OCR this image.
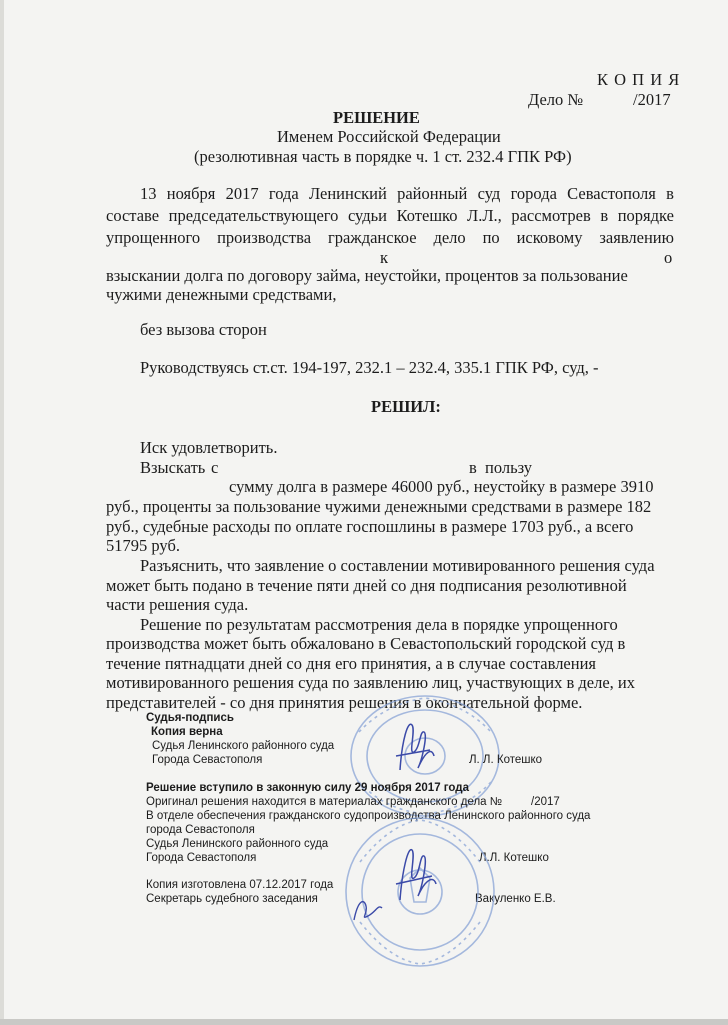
К О П И Я
Дело №	/2017
РЕШЕНИЕ
Именем Российской Федерации
(резолютивная часть в порядке ч. 1 ст. 232.4 ГПК РФ)
13 ноября 2017 года Ленинский районный суд города Севастополя в
составе председательствующего судьи Котешко Л.Л., рассмотрев в порядке
упрощенного производства гражданское дело по исковому заявлению
к	о
взыскании долга по договору займа, неустойки, процентов за пользование
чужими денежными средствами,
без вызова сторон
Руководствуясь ст.ст. 194-197, 232.1 – 232.4, 335.1 ГПК РФ, суд, -
РЕШИЛ:
Иск удовлетворить.
Взыскать с	в пользу
сумму долга в размере 46000 руб., неустойку в размере 3910
руб., проценты за пользование чужими денежными средствами в размере 182
руб., судебные расходы по оплате госпошлины в размере 1703 руб., а всего
51795 руб.
Разъяснить, что заявление о составлении мотивированного решения суда
может быть подано в течение пяти дней со дня подписания резолютивной
части решения суда.
Решение по результатам рассмотрения дела в порядке упрощенного
производства может быть обжаловано в Севастопольский городской суд в
течение пятнадцати дней со дня его принятия, а в случае составления
мотивированного решения суда по заявлению лиц, участвующих в деле, их
представителей - со дня принятия решения в окончательной форме.
Судья-подпись
Копия верна
Судья Ленинского районного суда
Города Севастополя	Л. Л. Котешко
Решение вступило в законную силу 29 ноября 2017 года
Оригинал решения находится в материалах гражданского дела №	/2017
В отделе обеспечения гражданского судопроизводства Ленинского районного суда
города Севастополя
Судья Ленинского районного суда
Города Севастополя	Л.Л. Котешко
Копия изготовлена 07.12.2017 года
Секретарь судебного заседания	Вакуленко Е.В.
